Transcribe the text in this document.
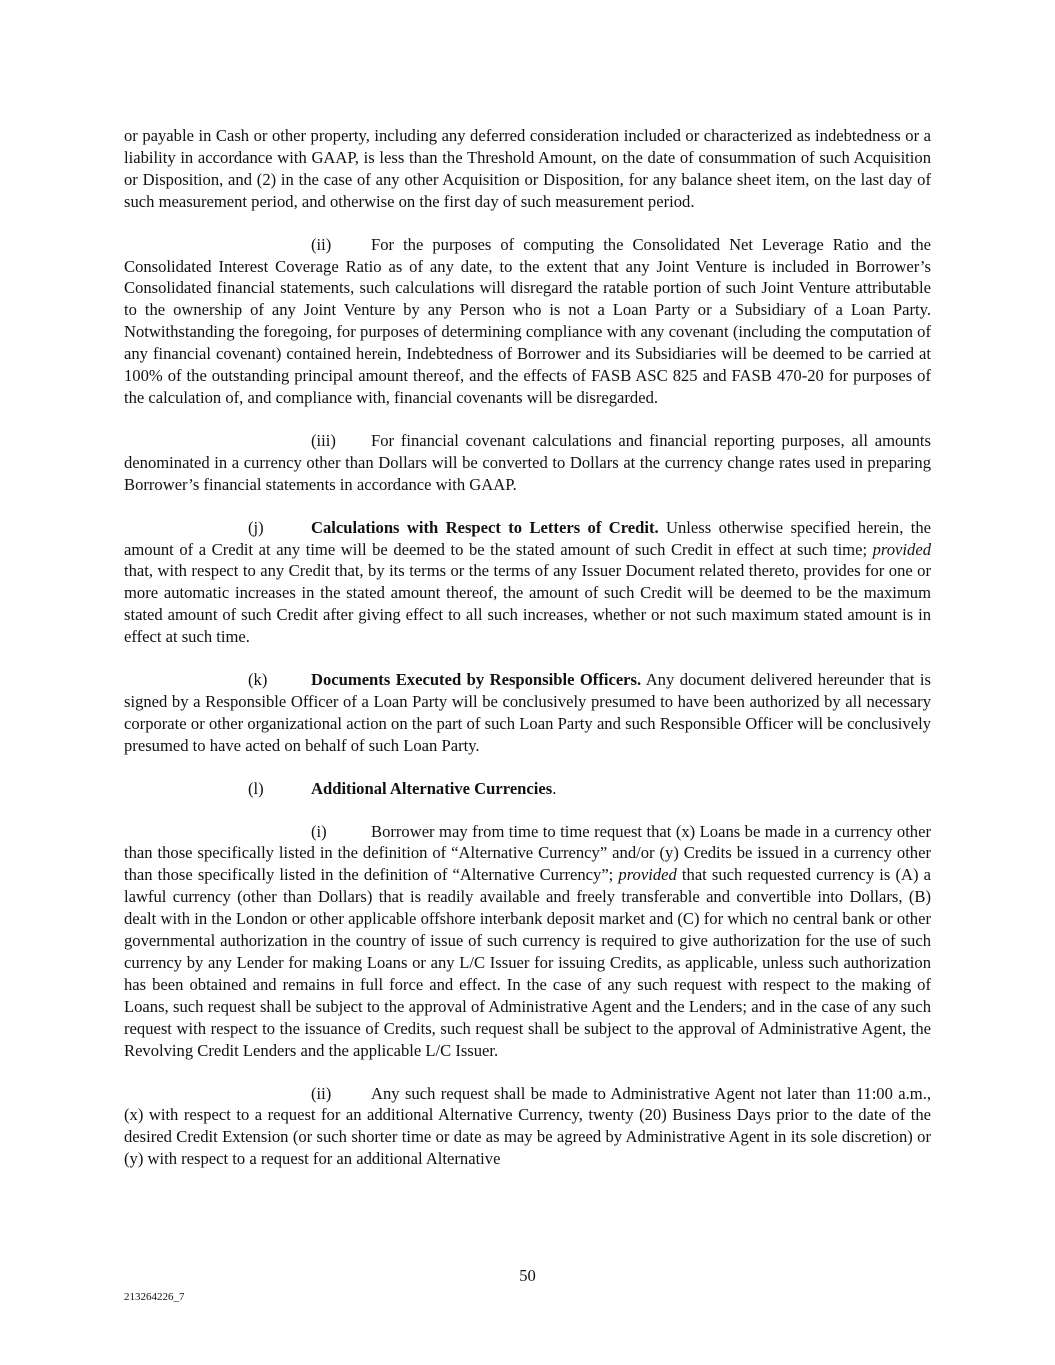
or payable in Cash or other property, including any deferred consideration included or characterized as indebtedness or a liability in accordance with GAAP, is less than the Threshold Amount, on the date of consummation of such Acquisition or Disposition, and (2) in the case of any other Acquisition or Disposition, for any balance sheet item, on the last day of such measurement period, and otherwise on the first day of such measurement period.

(ii) For the purposes of computing the Consolidated Net Leverage Ratio and the Consolidated Interest Coverage Ratio as of any date, to the extent that any Joint Venture is included in Borrower’s Consolidated financial statements, such calculations will disregard the ratable portion of such Joint Venture attributable to the ownership of any Joint Venture by any Person who is not a Loan Party or a Subsidiary of a Loan Party. Notwithstanding the foregoing, for purposes of determining compliance with any covenant (including the computation of any financial covenant) contained herein, Indebtedness of Borrower and its Subsidiaries will be deemed to be carried at 100% of the outstanding principal amount thereof, and the effects of FASB ASC 825 and FASB 470-20 for purposes of the calculation of, and compliance with, financial covenants will be disregarded.

(iii) For financial covenant calculations and financial reporting purposes, all amounts denominated in a currency other than Dollars will be converted to Dollars at the currency change rates used in preparing Borrower’s financial statements in accordance with GAAP.

(j)	Calculations with Respect to Letters of Credit. Unless otherwise specified herein, the amount of a Credit at any time will be deemed to be the stated amount of such Credit in effect at such time; provided that, with respect to any Credit that, by its terms or the terms of any Issuer Document related thereto, provides for one or more automatic increases in the stated amount thereof, the amount of such Credit will be deemed to be the maximum stated amount of such Credit after giving effect to all such increases, whether or not such maximum stated amount is in effect at such time.

(k)	Documents Executed by Responsible Officers. Any document delivered hereunder that is signed by a Responsible Officer of a Loan Party will be conclusively presumed to have been authorized by all necessary corporate or other organizational action on the part of such Loan Party and such Responsible Officer will be conclusively presumed to have acted on behalf of such Loan Party.

(l)	Additional Alternative Currencies.

(i)	Borrower may from time to time request that (x) Loans be made in a currency other than those specifically listed in the definition of “Alternative Currency” and/or (y) Credits be issued in a currency other than those specifically listed in the definition of “Alternative Currency”; provided that such requested currency is (A) a lawful currency (other than Dollars) that is readily available and freely transferable and convertible into Dollars, (B) dealt with in the London or other applicable offshore interbank deposit market and (C) for which no central bank or other governmental authorization in the country of issue of such currency is required to give authorization for the use of such currency by any Lender for making Loans or any L/C Issuer for issuing Credits, as applicable, unless such authorization has been obtained and remains in full force and effect. In the case of any such request with respect to the making of Loans, such request shall be subject to the approval of Administrative Agent and the Lenders; and in the case of any such request with respect to the issuance of Credits, such request shall be subject to the approval of Administrative Agent, the Revolving Credit Lenders and the applicable L/C Issuer.

(ii) Any such request shall be made to Administrative Agent not later than 11:00 a.m., (x) with respect to a request for an additional Alternative Currency, twenty (20) Business Days prior to the date of the desired Credit Extension (or such shorter time or date as may be agreed by Administrative Agent in its sole discretion) or (y) with respect to a request for an additional Alternative

50
213264226_7
